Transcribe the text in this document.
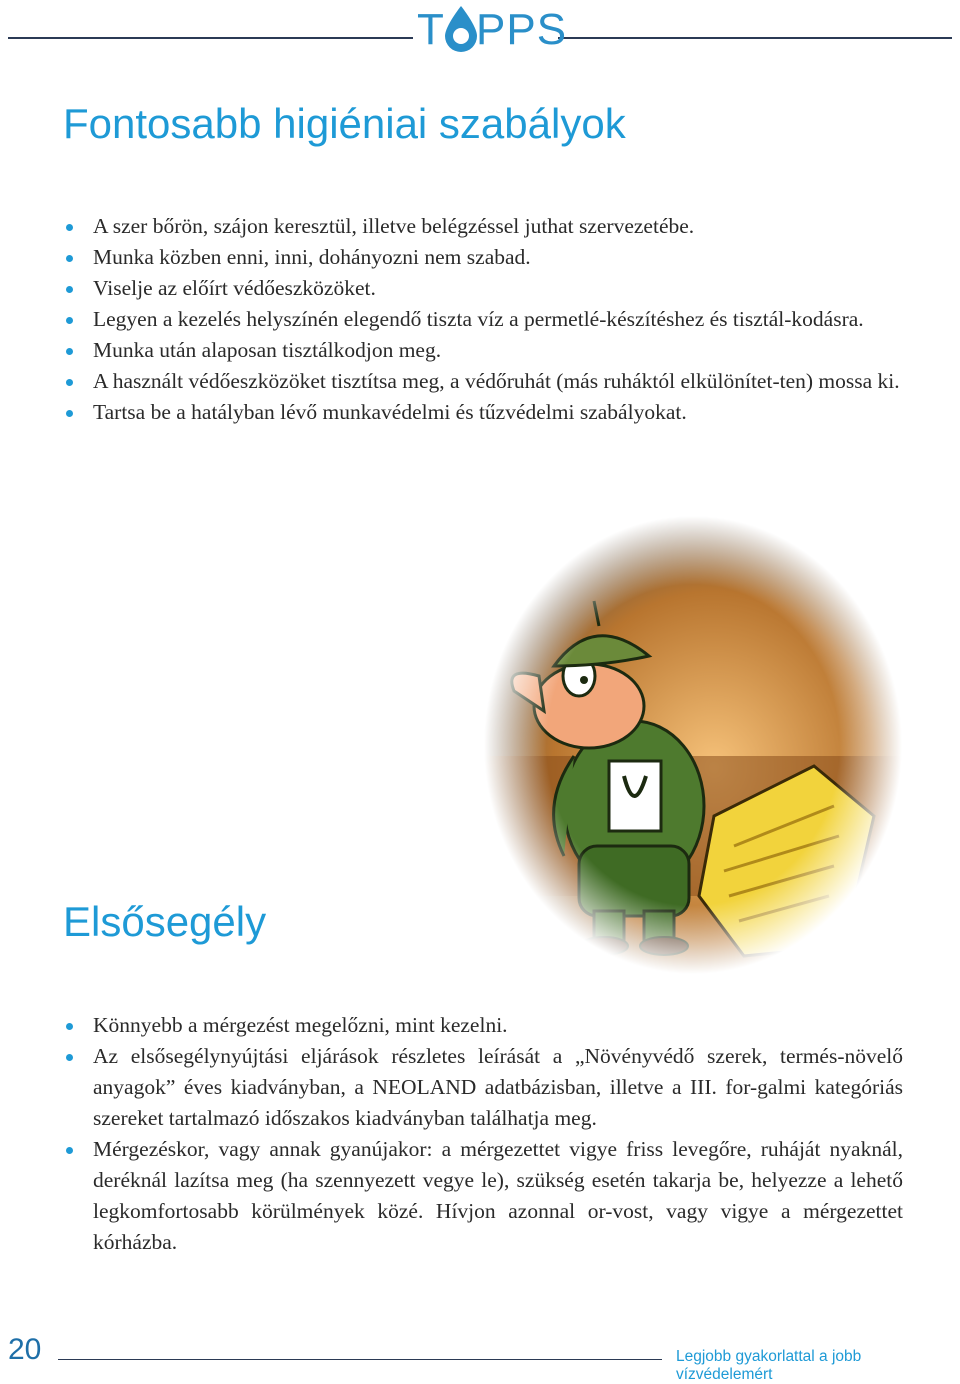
T PPS
Fontosabb higiéniai szabályok
A szer bőrön, szájon keresztül, illetve belégzéssel juthat szervezetébe.
Munka közben enni, inni, dohányozni nem szabad.
Viselje az előírt védőeszközöket.
Legyen a kezelés helyszínén elegendő tiszta víz a permetlé-készítéshez és tisztál-kodásra.
Munka után alaposan tisztálkodjon meg.
A használt védőeszközöket tisztítsa meg, a védőruhát (más ruháktól elkülönítet-ten) mossa ki.
Tartsa be a hatályban lévő munkavédelmi és tűzvédelmi szabályokat.
Elsősegély
Könnyebb a mérgezést megelőzni, mint kezelni.
Az elsősegélynyújtási eljárások részletes leírását a „Növényvédő szerek, termés-növelő anyagok” éves kiadványban, a NEOLAND adatbázisban, illetve a III. for-galmi kategóriás szereket tartalmazó időszakos kiadványban találhatja meg.
Mérgezéskor, vagy annak gyanújakor: a mérgezettet vigye friss levegőre, ruháját nyaknál, deréknál lazítsa meg (ha szennyezett vegye le), szükség esetén takarja be, helyezze a lehető legkomfortosabb körülmények közé. Hívjon azonnal or-vost, vagy vigye a mérgezettet kórházba.
20	Legjobb gyakorlattal a jobb vízvédelemért
